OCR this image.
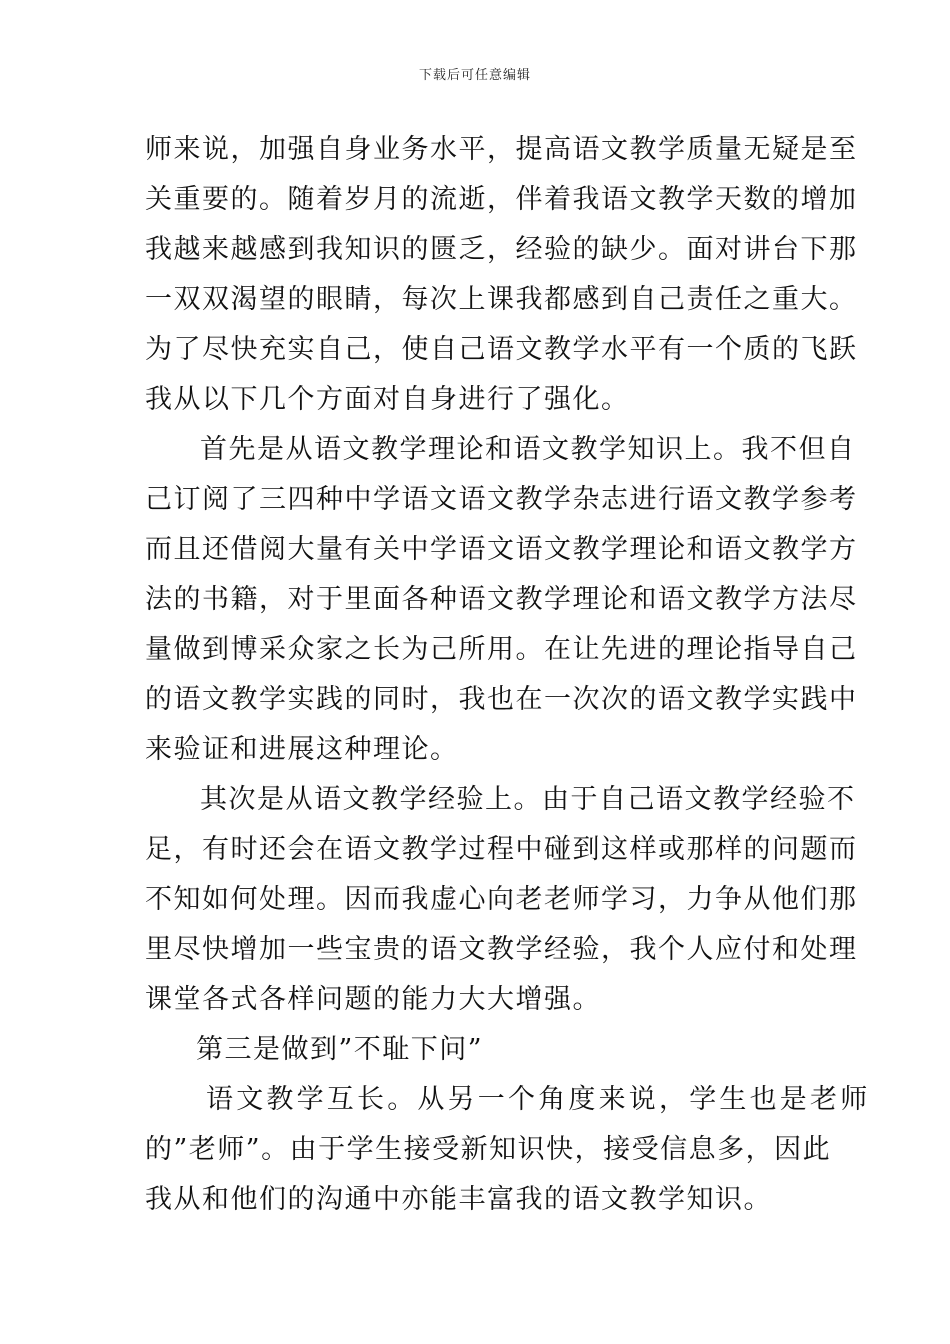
下载后可任意编辑
师来说，加强自身业务水平，提高语文教学质量无疑是至
关重要的。随着岁月的流逝，伴着我语文教学天数的增加
我越来越感到我知识的匮乏，经验的缺少。面对讲台下那
一双双渴望的眼睛，每次上课我都感到自己责任之重大。
为了尽快充实自己，使自己语文教学水平有一个质的飞跃
我从以下几个方面对自身进行了强化。
首先是从语文教学理论和语文教学知识上。我不但自
己订阅了三四种中学语文语文教学杂志进行语文教学参考
而且还借阅大量有关中学语文语文教学理论和语文教学方
法的书籍，对于里面各种语文教学理论和语文教学方法尽
量做到博采众家之长为己所用。在让先进的理论指导自己
的语文教学实践的同时，我也在一次次的语文教学实践中
来验证和进展这种理论。
其次是从语文教学经验上。由于自己语文教学经验不
足，有时还会在语文教学过程中碰到这样或那样的问题而
不知如何处理。因而我虚心向老老师学习，力争从他们那
里尽快增加一些宝贵的语文教学经验，我个人应付和处理
课堂各式各样问题的能力大大增强。
第三是做到”不耻下问”
语文教学互长。从另一个角度来说，学生也是老师
的”老师”。由于学生接受新知识快，接受信息多，因此
我从和他们的沟通中亦能丰富我的语文教学知识。
